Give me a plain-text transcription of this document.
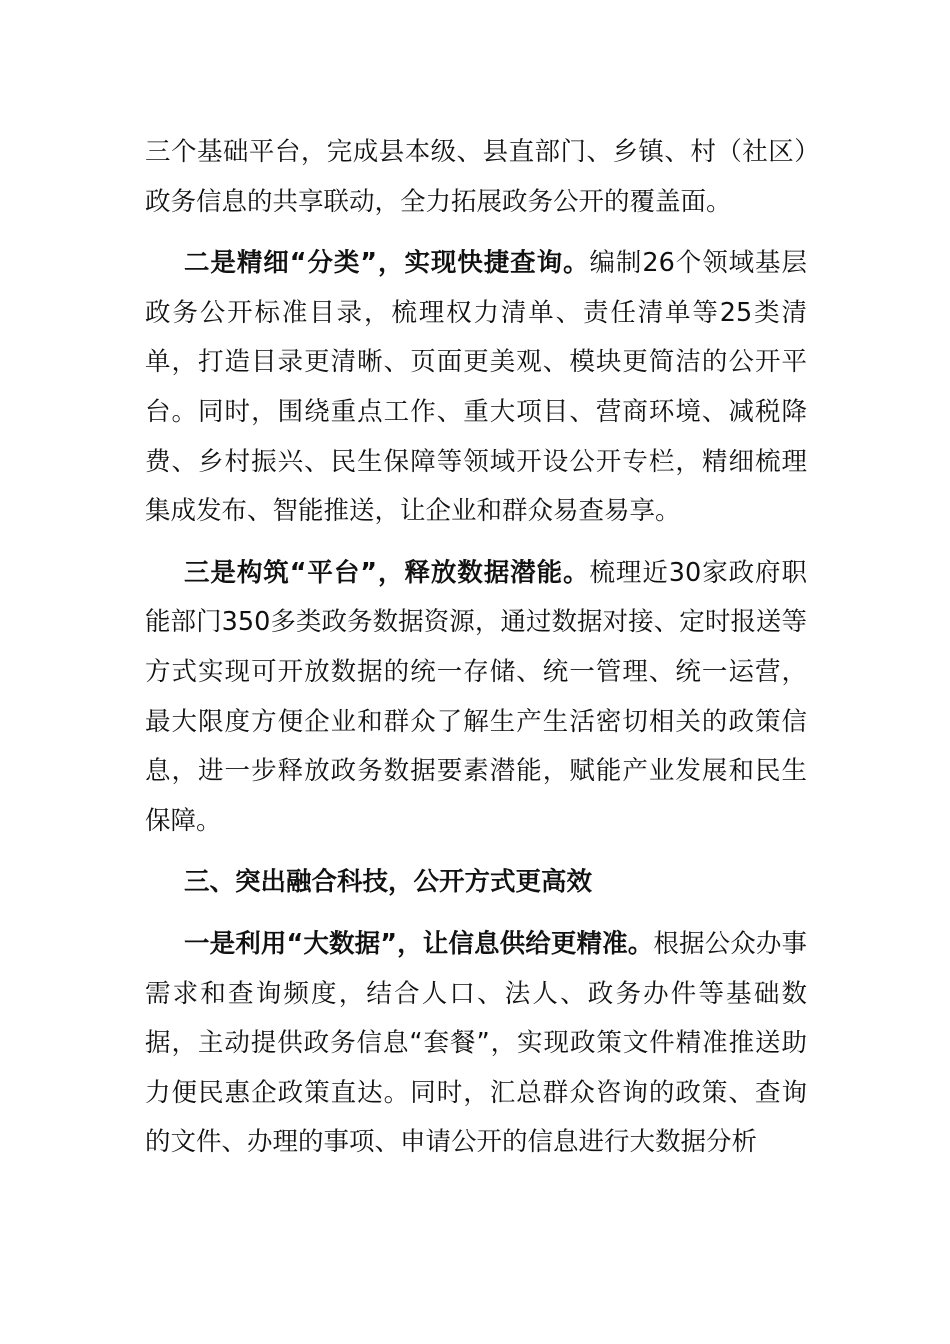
三个基础平台，完成县本级、县直部门、乡镇、村（社区）政务信息的共享联动，全力拓展政务公开的覆盖面。

二是精细“分类”，实现快捷查询。编制26个领域基层政务公开标准目录，梳理权力清单、责任清单等25类清单，打造目录更清晰、页面更美观、模块更简洁的公开平台。同时，围绕重点工作、重大项目、营商环境、减税降费、乡村振兴、民生保障等领域开设公开专栏，精细梳理集成发布、智能推送，让企业和群众易查易享。

三是构筑“平台”，释放数据潜能。梳理近30家政府职能部门350多类政务数据资源，通过数据对接、定时报送等方式实现可开放数据的统一存储、统一管理、统一运营，最大限度方便企业和群众了解生产生活密切相关的政策信息，进一步释放政务数据要素潜能，赋能产业发展和民生保障。

三、突出融合科技，公开方式更高效

一是利用“大数据”，让信息供给更精准。根据公众办事需求和查询频度，结合人口、法人、政务办件等基础数据，主动提供政务信息“套餐”，实现政策文件精准推送助力便民惠企政策直达。同时，汇总群众咨询的政策、查询的文件、办理的事项、申请公开的信息进行大数据分析
